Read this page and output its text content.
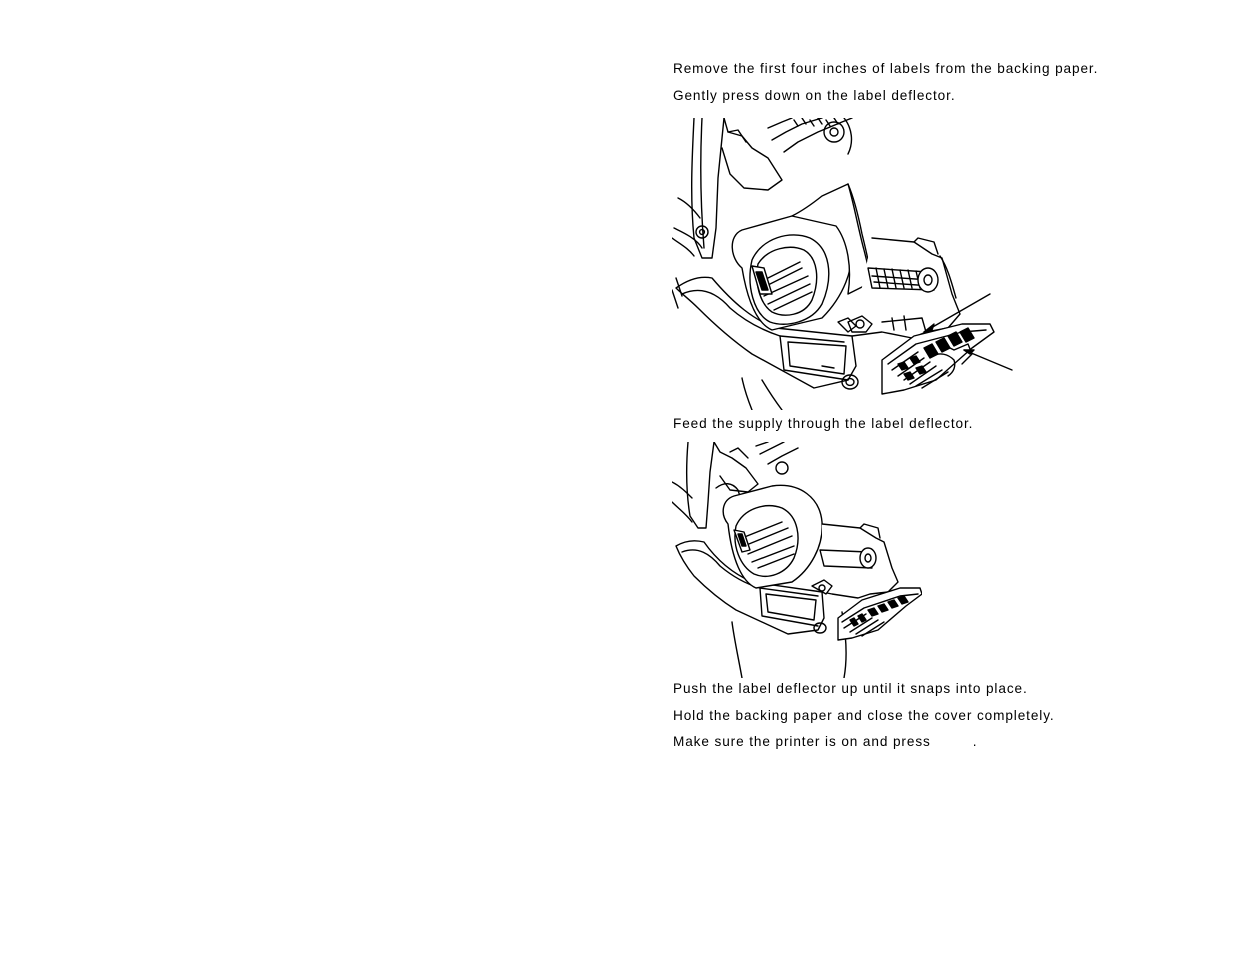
Remove the first four inches of labels from the backing paper.
Gently press down on the label deflector.
Feed the supply through the label deflector.
Push the label deflector up until it snaps into place.
Hold the backing paper and close the cover completely.
Make sure the printer is on and press	.
